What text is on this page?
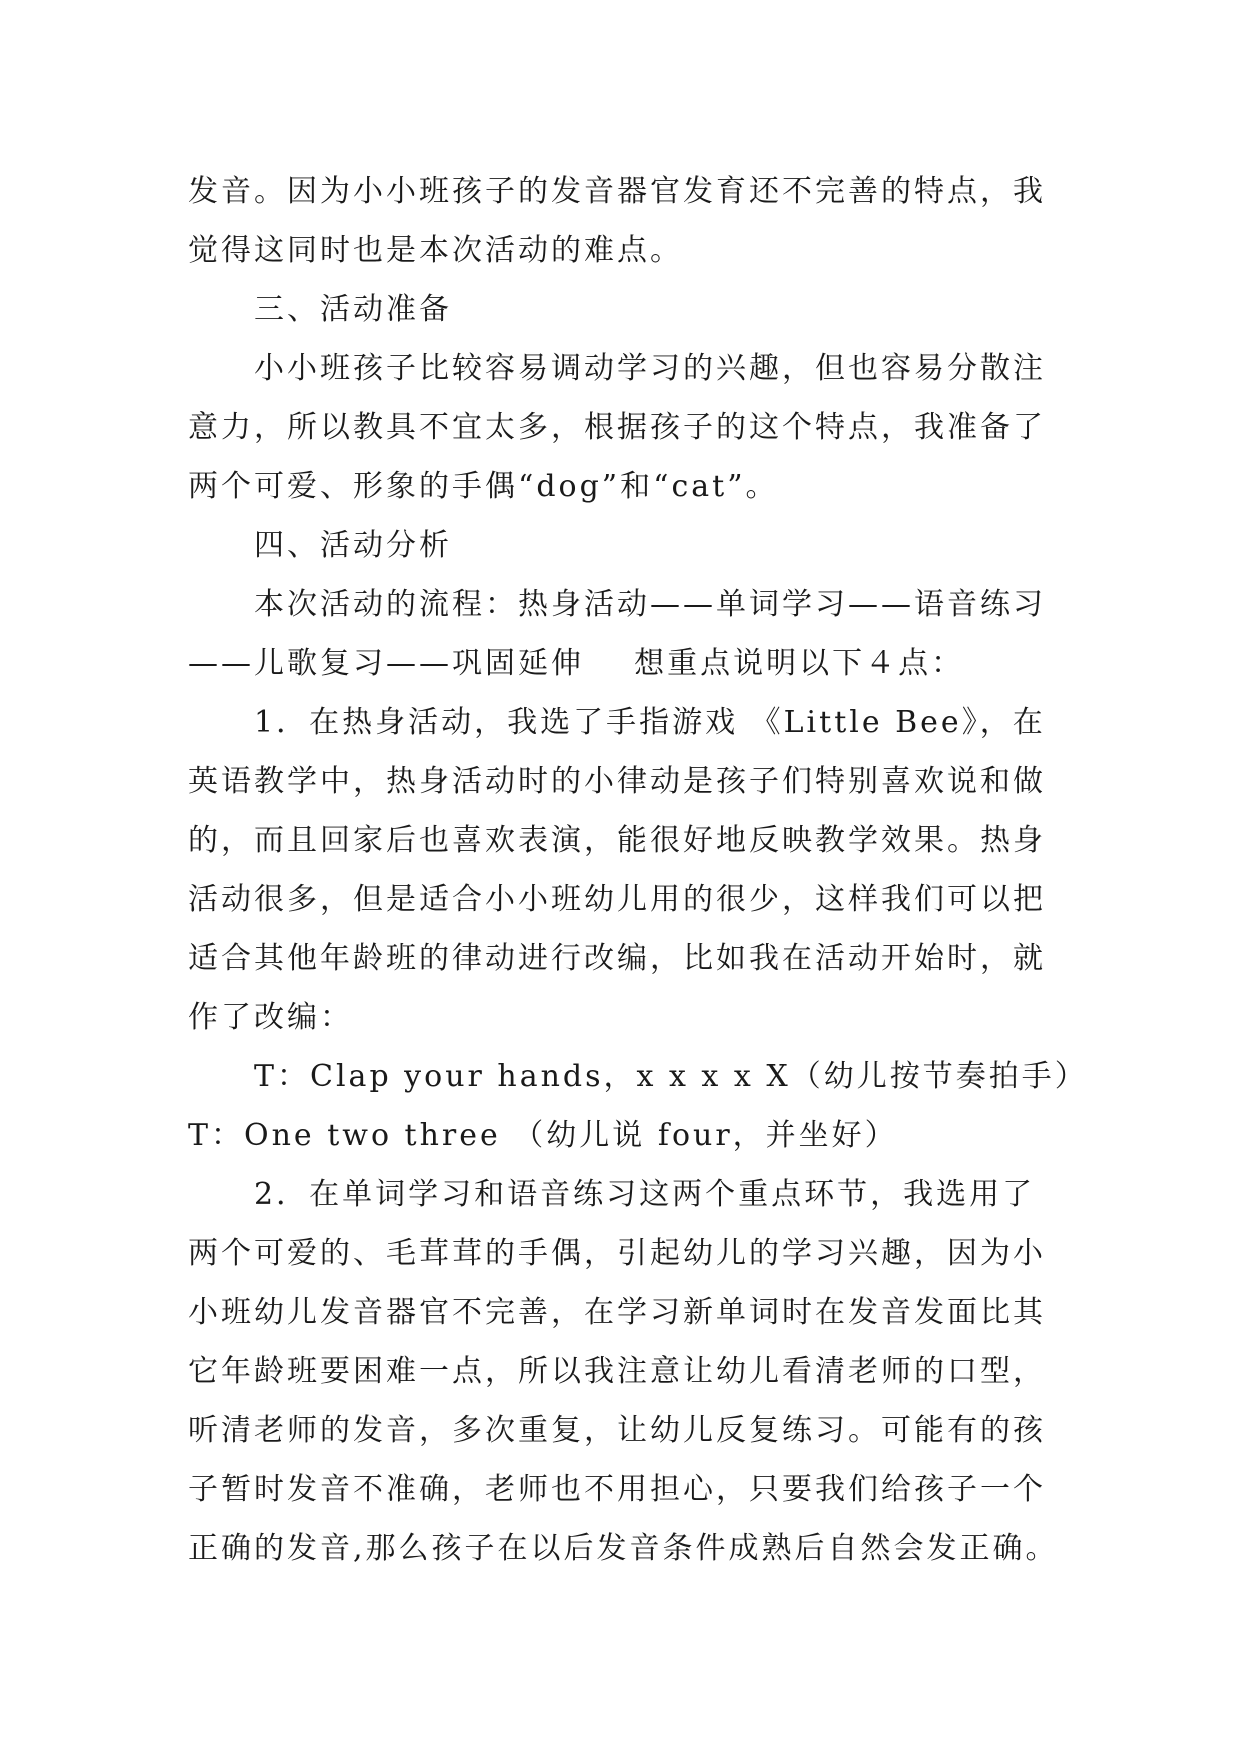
发音。因为小小班孩子的发音器官发育还不完善的特点，我
觉得这同时也是本次活动的难点。
三、活动准备
小小班孩子比较容易调动学习的兴趣，但也容易分散注
意力，所以教具不宜太多，根据孩子的这个特点，我准备了
两个可爱、形象的手偶“dog”和“cat”。
四、活动分析
本次活动的流程：热身活动——单词学习——语音练习
——儿歌复习——巩固延伸    想重点说明以下４点：
1．在热身活动，我选了手指游戏 《Little Bee》，在
英语教学中，热身活动时的小律动是孩子们特别喜欢说和做
的，而且回家后也喜欢表演，能很好地反映教学效果。热身
活动很多，但是适合小小班幼儿用的很少，这样我们可以把
适合其他年龄班的律动进行改编，比如我在活动开始时，就
作了改编：
T：Clap your hands，x x x x X（幼儿按节奏拍手）
T：One two three （幼儿说 four，并坐好）
2．在单词学习和语音练习这两个重点环节，我选用了
两个可爱的、毛茸茸的手偶，引起幼儿的学习兴趣，因为小
小班幼儿发音器官不完善，在学习新单词时在发音发面比其
它年龄班要困难一点，所以我注意让幼儿看清老师的口型，
听清老师的发音，多次重复，让幼儿反复练习。可能有的孩
子暂时发音不准确，老师也不用担心，只要我们给孩子一个
正确的发音,那么孩子在以后发音条件成熟后自然会发正确。
